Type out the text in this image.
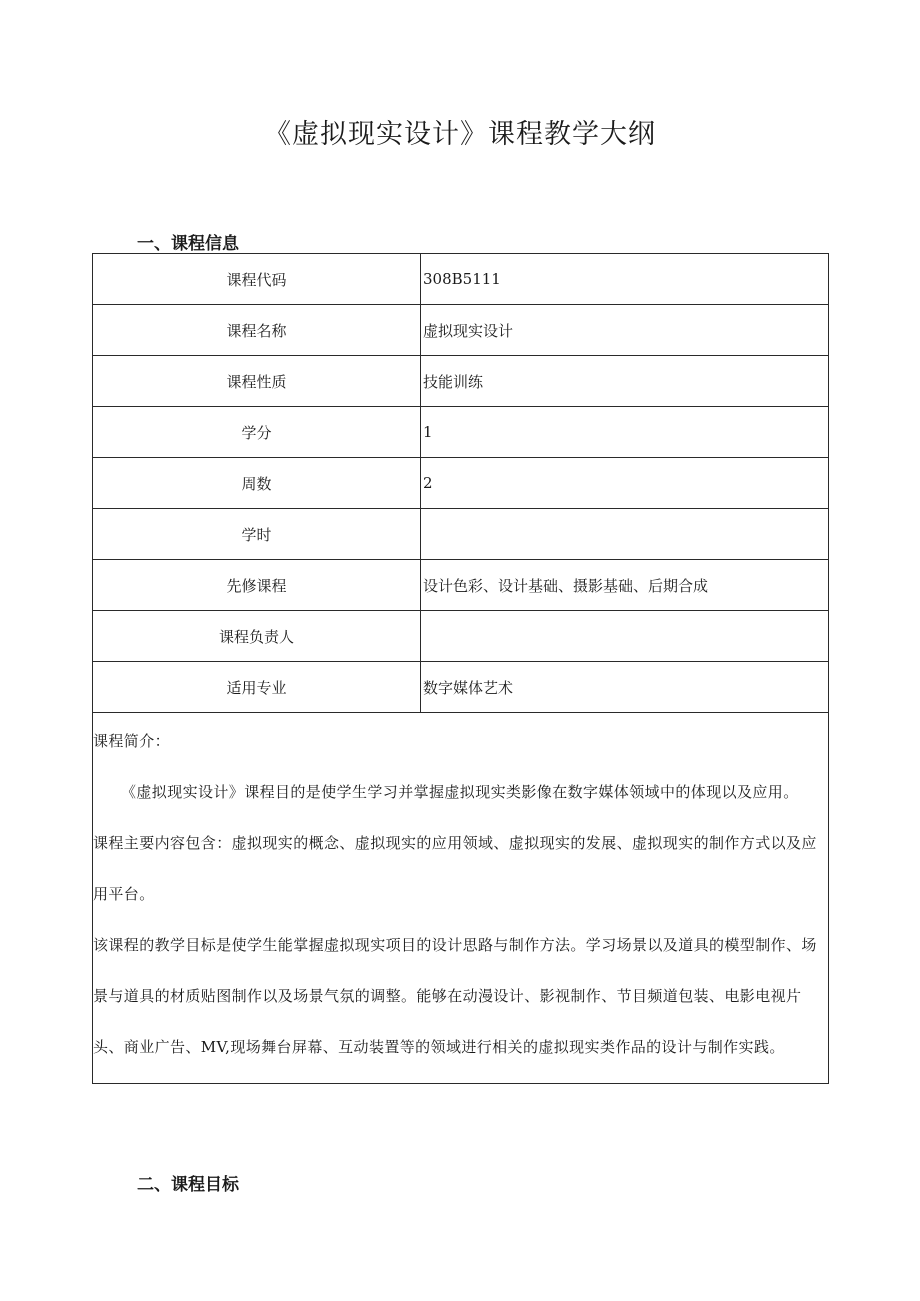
《虚拟现实设计》课程教学大纲
一、课程信息
课程代码	308B5111
课程名称	虚拟现实设计
课程性质	技能训练
学分	1
周数	2
学时	
先修课程	设计色彩、设计基础、摄影基础、后期合成
课程负责人	
适用专业	数字媒体艺术

课程简介：

《虚拟现实设计》课程目的是使学生学习并掌握虚拟现实类影像在数字媒体领域中的体现以及应用。

课程主要内容包含：虚拟现实的概念、虚拟现实的应用领域、虚拟现实的发展、虚拟现实的制作方式以及应用平台。

该课程的教学目标是使学生能掌握虚拟现实项目的设计思路与制作方法。学习场景以及道具的模型制作、场景与道具的材质贴图制作以及场景气氛的调整。能够在动漫设计、影视制作、节目频道包装、电影电视片头、商业广告、MV,现场舞台屏幕、互动装置等的领域进行相关的虚拟现实类作品的设计与制作实践。	

二、课程目标
